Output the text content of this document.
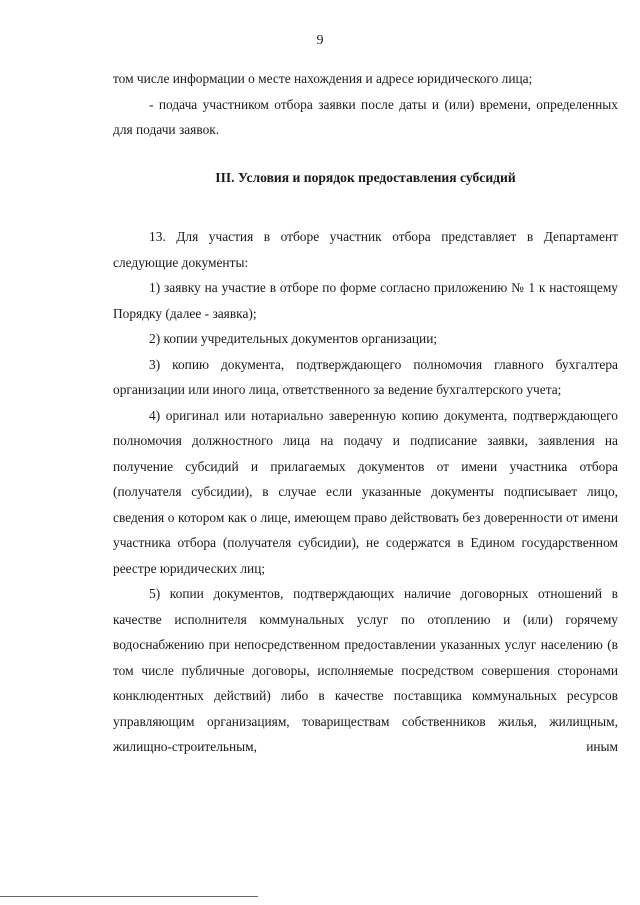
9

том числе информации о месте нахождения и адресе юридического лица;

- подача участником отбора заявки после даты и (или) времени, определенных для подачи заявок.

III. Условия и порядок предоставления субсидий

13. Для участия в отборе участник отбора представляет в Департамент следующие документы:

1) заявку на участие в отборе по форме согласно приложению № 1 к настоящему Порядку (далее - заявка);

2) копии учредительных документов организации;

3) копию документа, подтверждающего полномочия главного бухгалтера организации или иного лица, ответственного за ведение бухгалтерского учета;

4) оригинал или нотариально заверенную копию документа, подтверждающего полномочия должностного лица на подачу и подписание заявки, заявления на получение субсидий и прилагаемых документов от имени участника отбора (получателя субсидии), в случае если указанные документы подписывает лицо, сведения о котором как о лице, имеющем право действовать без доверенности от имени участника отбора (получателя субсидии), не содержатся в Едином государственном реестре юридических лиц;

5) копии документов, подтверждающих наличие договорных отношений в качестве исполнителя коммунальных услуг по отоплению и (или) горячему водоснабжению при непосредственном предоставлении указанных услуг населению (в том числе публичные договоры, исполняемые посредством совершения сторонами конклюдентных действий) либо в качестве поставщика коммунальных ресурсов управляющим организациям, товариществам собственников жилья, жилищным, жилищно-строительным, иным
